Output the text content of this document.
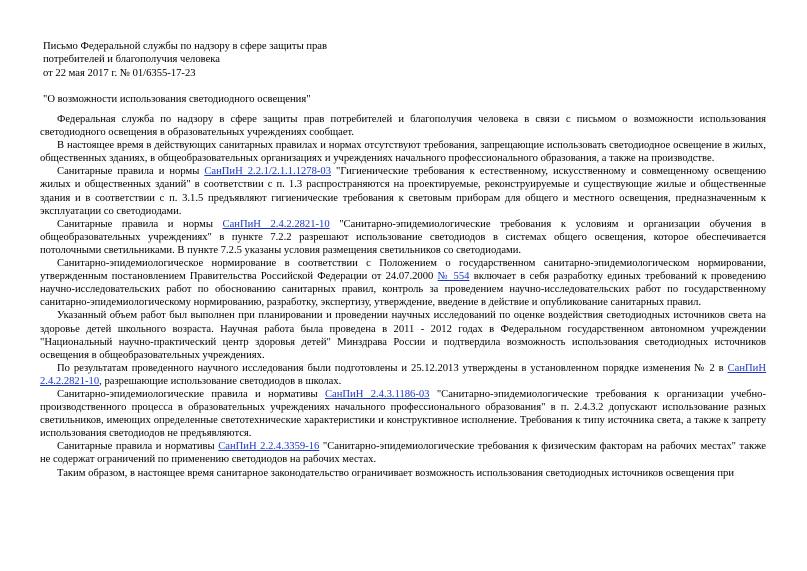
Письмо Федеральной службы по надзору в сфере защиты прав
потребителей и благополучия человека
от 22 мая 2017 г. № 01/6355-17-23
"О возможности использования светодиодного освещения"

Федеральная служба по надзору в сфере защиты прав потребителей и благополучия человека в связи с письмом о возможности использования светодиодного освещения в образовательных учреждениях сообщает.

В настоящее время в действующих санитарных правилах и нормах отсутствуют требования, запрещающие использовать светодиодное освещение в жилых, общественных зданиях, в общеобразовательных организациях и учреждениях начального профессионального образования, а также на производстве.

Санитарные правила и нормы СанПиН 2.2.1/2.1.1.1278-03 "Гигиенические требования к естественному, искусственному и совмещенному освещению жилых и общественных зданий" в соответствии с п. 1.3 распространяются на проектируемые, реконструируемые и существующие жилые и общественные здания и в соответствии с п. 3.1.5 предъявляют гигиенические требования к световым приборам для общего и местного освещения, предназначенным к эксплуатации со светодиодами.

Санитарные правила и нормы СанПиН 2.4.2.2821-10 "Санитарно-эпидемиологические требования к условиям и организации обучения в общеобразовательных учреждениях" в пункте 7.2.2 разрешают использование светодиодов в системах общего освещения, которое обеспечивается потолочными светильниками. В пункте 7.2.5 указаны условия размещения светильников со светодиодами.

Санитарно-эпидемиологическое нормирование в соответствии с Положением о государственном санитарно-эпидемиологическом нормировании, утвержденным постановлением Правительства Российской Федерации от 24.07.2000 № 554 включает в себя разработку единых требований к проведению научно-исследовательских работ по обоснованию санитарных правил, контроль за проведением научно-исследовательских работ по государственному санитарно-эпидемиологическому нормированию, разработку, экспертизу, утверждение, введение в действие и опубликование санитарных правил.

Указанный объем работ был выполнен при планировании и проведении научных исследований по оценке воздействия светодиодных источников света на здоровье детей школьного возраста. Научная работа была проведена в 2011 - 2012 годах в Федеральном государственном автономном учреждении "Национальный научно-практический центр здоровья детей" Минздрава России и подтвердила возможность использования светодиодных источников освещения в общеобразовательных учреждениях.

По результатам проведенного научного исследования были подготовлены и 25.12.2013 утверждены в установленном порядке изменения № 2 в СанПиН 2.4.2.2821-10, разрешающие использование светодиодов в школах.

Санитарно-эпидемиологические правила и нормативы СанПиН 2.4.3.1186-03 "Санитарно-эпидемиологические требования к организации учебно-производственного процесса в образовательных учреждениях начального профессионального образования" в п. 2.4.3.2 допускают использование разных светильников, имеющих определенные светотехнические характеристики и конструктивное исполнение. Требования к типу источника света, а также к запрету использования светодиодов не предъявляются.

Санитарные правила и нормативы СанПиН 2.2.4.3359-16 "Санитарно-эпидемиологические требования к физическим факторам на рабочих местах" также не содержат ограничений по применению светодиодов на рабочих местах.

Таким образом, в настоящее время санитарное законодательство ограничивает возможность использования светодиодных источников освещения при
